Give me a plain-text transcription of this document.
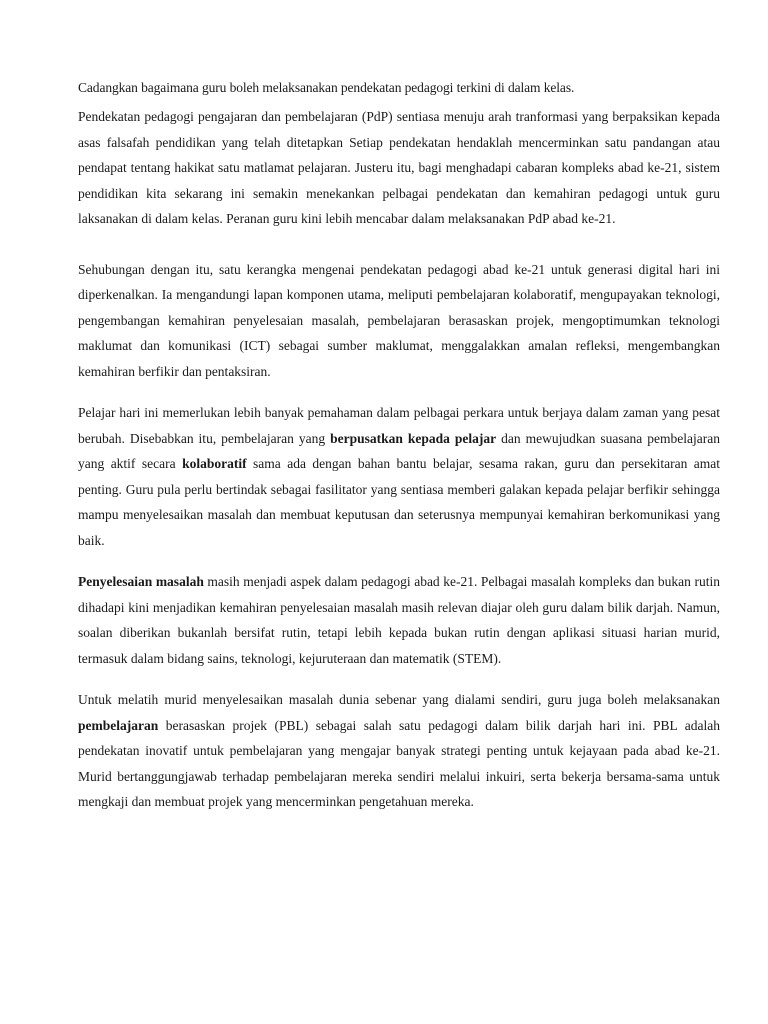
Cadangkan bagaimana guru boleh melaksanakan pendekatan pedagogi terkini di dalam kelas.

Pendekatan pedagogi pengajaran dan pembelajaran (PdP) sentiasa menuju arah tranformasi yang berpaksikan kepada asas falsafah pendidikan yang telah ditetapkan Setiap pendekatan hendaklah mencerminkan satu pandangan atau pendapat tentang hakikat satu matlamat pelajaran. Justeru itu, bagi menghadapi cabaran kompleks abad ke-21, sistem pendidikan kita sekarang ini semakin menekankan pelbagai pendekatan dan kemahiran pedagogi untuk guru laksanakan di dalam kelas. Peranan guru kini lebih mencabar dalam melaksanakan PdP abad ke-21.

Sehubungan dengan itu, satu kerangka mengenai pendekatan pedagogi abad ke-21 untuk generasi digital hari ini diperkenalkan. Ia mengandungi lapan komponen utama, meliputi pembelajaran kolaboratif, mengupayakan teknologi, pengembangan kemahiran penyelesaian masalah, pembelajaran berasaskan projek, mengoptimumkan teknologi maklumat dan komunikasi (ICT) sebagai sumber maklumat, menggalakkan amalan refleksi, mengembangkan kemahiran berfikir dan pentaksiran.

Pelajar hari ini memerlukan lebih banyak pemahaman dalam pelbagai perkara untuk berjaya dalam zaman yang pesat berubah. Disebabkan itu, pembelajaran yang berpusatkan kepada pelajar dan mewujudkan suasana pembelajaran yang aktif secara kolaboratif sama ada dengan bahan bantu belajar, sesama rakan, guru dan persekitaran amat penting. Guru pula perlu bertindak sebagai fasilitator yang sentiasa memberi galakan kepada pelajar berfikir sehingga mampu menyelesaikan masalah dan membuat keputusan dan seterusnya mempunyai kemahiran berkomunikasi yang baik.

Penyelesaian masalah masih menjadi aspek dalam pedagogi abad ke-21. Pelbagai masalah kompleks dan bukan rutin dihadapi kini menjadikan kemahiran penyelesaian masalah masih relevan diajar oleh guru dalam bilik darjah. Namun, soalan diberikan bukanlah bersifat rutin, tetapi lebih kepada bukan rutin dengan aplikasi situasi harian murid, termasuk dalam bidang sains, teknologi, kejuruteraan dan matematik (STEM).

Untuk melatih murid menyelesaikan masalah dunia sebenar yang dialami sendiri, guru juga boleh melaksanakan pembelajaran berasaskan projek (PBL) sebagai salah satu pedagogi dalam bilik darjah hari ini. PBL adalah pendekatan inovatif untuk pembelajaran yang mengajar banyak strategi penting untuk kejayaan pada abad ke-21. Murid bertanggungjawab terhadap pembelajaran mereka sendiri melalui inkuiri, serta bekerja bersama-sama untuk mengkaji dan membuat projek yang mencerminkan pengetahuan mereka.
